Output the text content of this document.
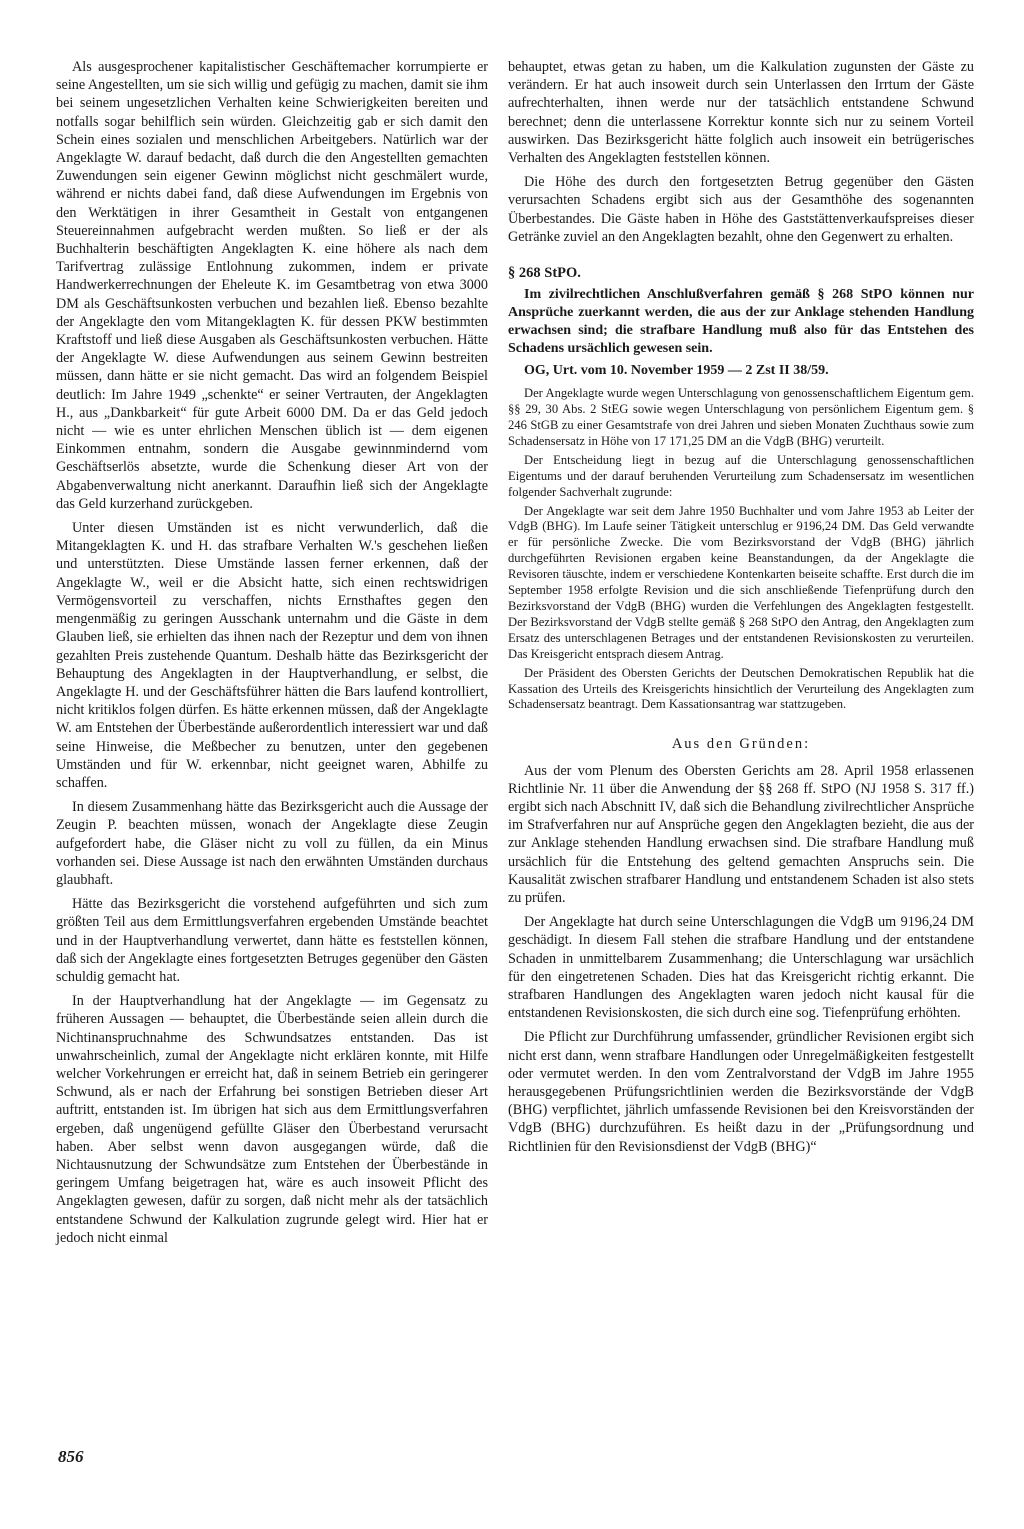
Als ausgesprochener kapitalistischer Geschäftemacher korrumpierte er seine Angestellten, um sie sich willig und gefügig zu machen, damit sie ihm bei seinem ungesetzlichen Verhalten keine Schwierigkeiten bereiten und notfalls sogar behilflich sein würden. Gleichzeitig gab er sich damit den Schein eines sozialen und menschlichen Arbeitgebers. Natürlich war der Angeklagte W. darauf bedacht, daß durch die den Angestellten gemachten Zuwendungen sein eigener Gewinn möglichst nicht geschmälert wurde, während er nichts dabei fand, daß diese Aufwendungen im Ergebnis von den Werktätigen in ihrer Gesamtheit in Gestalt von entgangenen Steuereinnahmen aufgebracht werden mußten. So ließ er der als Buchhalterin beschäftigten Angeklagten K. eine höhere als nach dem Tarifvertrag zulässige Entlohnung zukommen, indem er private Handwerkerrechnungen der Eheleute K. im Gesamtbetrag von etwa 3000 DM als Geschäftsunkosten verbuchen und bezahlen ließ. Ebenso bezahlte der Angeklagte den vom Mitangeklagten K. für dessen PKW bestimmten Kraftstoff und ließ diese Ausgaben als Geschäftsunkosten verbuchen. Hätte der Angeklagte W. diese Aufwendungen aus seinem Gewinn bestreiten müssen, dann hätte er sie nicht gemacht. Das wird an folgendem Beispiel deutlich: Im Jahre 1949 „schenkte“ er seiner Vertrauten, der Angeklagten H., aus „Dankbarkeit“ für gute Arbeit 6000 DM. Da er das Geld jedoch nicht — wie es unter ehrlichen Menschen üblich ist — dem eigenen Einkommen entnahm, sondern die Ausgabe gewinnmindernd vom Geschäftserlös absetzte, wurde die Schenkung dieser Art von der Abgabenverwaltung nicht anerkannt. Daraufhin ließ sich der Angeklagte das Geld kurzerhand zurückgeben.

Unter diesen Umständen ist es nicht verwunderlich, daß die Mitangeklagten K. und H. das strafbare Verhalten W.'s geschehen ließen und unterstützten. Diese Umstände lassen ferner erkennen, daß der Angeklagte W., weil er die Absicht hatte, sich einen rechtswidrigen Vermögensvorteil zu verschaffen, nichts Ernsthaftes gegen den mengenmäßig zu geringen Ausschank unternahm und die Gäste in dem Glauben ließ, sie erhielten das ihnen nach der Rezeptur und dem von ihnen gezahlten Preis zustehende Quantum. Deshalb hätte das Bezirksgericht der Behauptung des Angeklagten in der Hauptverhandlung, er selbst, die Angeklagte H. und der Geschäftsführer hätten die Bars laufend kontrolliert, nicht kritiklos folgen dürfen. Es hätte erkennen müssen, daß der Angeklagte W. am Entstehen der Überbestände außerordentlich interessiert war und daß seine Hinweise, die Meßbecher zu benutzen, unter den gegebenen Umständen und für W. erkennbar, nicht geeignet waren, Abhilfe zu schaffen.

In diesem Zusammenhang hätte das Bezirksgericht auch die Aussage der Zeugin P. beachten müssen, wonach der Angeklagte diese Zeugin aufgefordert habe, die Gläser nicht zu voll zu füllen, da ein Minus vorhanden sei. Diese Aussage ist nach den erwähnten Umständen durchaus glaubhaft.

Hätte das Bezirksgericht die vorstehend aufgeführten und sich zum größten Teil aus dem Ermittlungsverfahren ergebenden Umstände beachtet und in der Hauptverhandlung verwertet, dann hätte es feststellen können, daß sich der Angeklagte eines fortgesetzten Betruges gegenüber den Gästen schuldig gemacht hat.

In der Hauptverhandlung hat der Angeklagte — im Gegensatz zu früheren Aussagen — behauptet, die Überbestände seien allein durch die Nichtinanspruchnahme des Schwundsatzes entstanden. Das ist unwahrscheinlich, zumal der Angeklagte nicht erklären konnte, mit Hilfe welcher Vorkehrungen er erreicht hat, daß in seinem Betrieb ein geringerer Schwund, als er nach der Erfahrung bei sonstigen Betrieben dieser Art auftritt, entstanden ist. Im übrigen hat sich aus dem Ermittlungsverfahren ergeben, daß ungenügend gefüllte Gläser den Überbestand verursacht haben. Aber selbst wenn davon ausgegangen würde, daß die Nichtausnutzung der Schwundsätze zum Entstehen der Überbestände in geringem Umfang beigetragen hat, wäre es auch insoweit Pflicht des Angeklagten gewesen, dafür zu sorgen, daß nicht mehr als der tatsächlich entstandene Schwund der Kalkulation zugrunde gelegt wird. Hier hat er jedoch nicht einmal

behauptet, etwas getan zu haben, um die Kalkulation zugunsten der Gäste zu verändern. Er hat auch insoweit durch sein Unterlassen den Irrtum der Gäste aufrechterhalten, ihnen werde nur der tatsächlich entstandene Schwund berechnet; denn die unterlassene Korrektur konnte sich nur zu seinem Vorteil auswirken. Das Bezirksgericht hätte folglich auch insoweit ein betrügerisches Verhalten des Angeklagten feststellen können.

Die Höhe des durch den fortgesetzten Betrug gegenüber den Gästen verursachten Schadens ergibt sich aus der Gesamthöhe des sogenannten Überbestandes. Die Gäste haben in Höhe des Gaststättenverkaufspreises dieser Getränke zuviel an den Angeklagten bezahlt, ohne den Gegenwert zu erhalten.

§ 268 StPO.

Im zivilrechtlichen Anschlußverfahren gemäß § 268 StPO können nur Ansprüche zuerkannt werden, die aus der zur Anklage stehenden Handlung erwachsen sind; die strafbare Handlung muß also für das Entstehen des Schadens ursächlich gewesen sein.

OG, Urt. vom 10. November 1959 — 2 Zst II 38/59.

Der Angeklagte wurde wegen Unterschlagung von genossenschaftlichem Eigentum gem. §§ 29, 30 Abs. 2 StEG sowie wegen Unterschlagung von persönlichem Eigentum gem. § 246 StGB zu einer Gesamtstrafe von drei Jahren und sieben Monaten Zuchthaus sowie zum Schadensersatz in Höhe von 17 171,25 DM an die VdgB (BHG) verurteilt.

Der Entscheidung liegt in bezug auf die Unterschlagung genossenschaftlichen Eigentums und der darauf beruhenden Verurteilung zum Schadensersatz im wesentlichen folgender Sachverhalt zugrunde:

Der Angeklagte war seit dem Jahre 1950 Buchhalter und vom Jahre 1953 ab Leiter der VdgB (BHG). Im Laufe seiner Tätigkeit unterschlug er 9196,24 DM. Das Geld verwandte er für persönliche Zwecke. Die vom Bezirksvorstand der VdgB (BHG) jährlich durchgeführten Revisionen ergaben keine Beanstandungen, da der Angeklagte die Revisoren täuschte, indem er verschiedene Kontenkarten beiseite schaffte. Erst durch die im September 1958 erfolgte Revision und die sich anschließende Tiefenprüfung durch den Bezirksvorstand der VdgB (BHG) wurden die Verfehlungen des Angeklagten festgestellt. Der Bezirksvorstand der VdgB stellte gemäß § 268 StPO den Antrag, den Angeklagten zum Ersatz des unterschlagenen Betrages und der entstandenen Revisionskosten zu verurteilen. Das Kreisgericht entsprach diesem Antrag.

Der Präsident des Obersten Gerichts der Deutschen Demokratischen Republik hat die Kassation des Urteils des Kreisgerichts hinsichtlich der Verurteilung des Angeklagten zum Schadensersatz beantragt. Dem Kassationsantrag war stattzugeben.

Aus den Gründen:

Aus der vom Plenum des Obersten Gerichts am 28. April 1958 erlassenen Richtlinie Nr. 11 über die Anwendung der §§ 268 ff. StPO (NJ 1958 S. 317 ff.) ergibt sich nach Abschnitt IV, daß sich die Behandlung zivilrechtlicher Ansprüche im Strafverfahren nur auf Ansprüche gegen den Angeklagten bezieht, die aus der zur Anklage stehenden Handlung erwachsen sind. Die strafbare Handlung muß ursächlich für die Entstehung des geltend gemachten Anspruchs sein. Die Kausalität zwischen strafbarer Handlung und entstandenem Schaden ist also stets zu prüfen.

Der Angeklagte hat durch seine Unterschlagungen die VdgB um 9196,24 DM geschädigt. In diesem Fall stehen die strafbare Handlung und der entstandene Schaden in unmittelbarem Zusammenhang; die Unterschlagung war ursächlich für den eingetretenen Schaden. Dies hat das Kreisgericht richtig erkannt. Die strafbaren Handlungen des Angeklagten waren jedoch nicht kausal für die entstandenen Revisionskosten, die sich durch eine sog. Tiefenprüfung erhöhten.

Die Pflicht zur Durchführung umfassender, gründlicher Revisionen ergibt sich nicht erst dann, wenn strafbare Handlungen oder Unregelmäßigkeiten festgestellt oder vermutet werden. In den vom Zentralvorstand der VdgB im Jahre 1955 herausgegebenen Prüfungsrichtlinien werden die Bezirksvorstände der VdgB (BHG) verpflichtet, jährlich umfassende Revisionen bei den Kreisvorständen der VdgB (BHG) durchzuführen. Es heißt dazu in der „Prüfungsordnung und Richtlinien für den Revisionsdienst der VdgB (BHG)“

856
